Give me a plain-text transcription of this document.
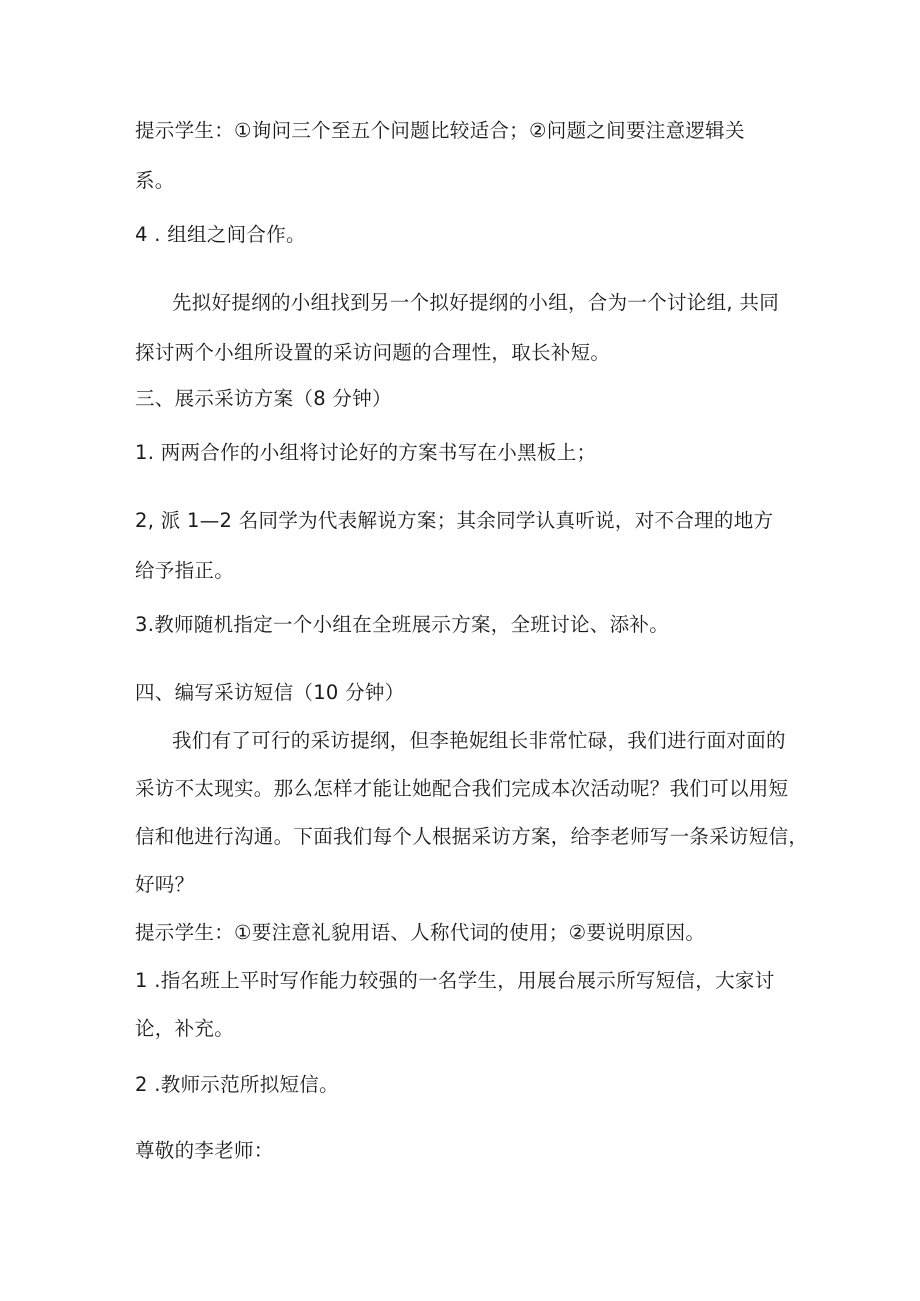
提示学生：①询问三个至五个问题比较适合；②问题之间要注意逻辑关
系。
4 . 组组之间合作。
先拟好提纲的小组找到另一个拟好提纲的小组，合为一个讨论组, 共同
探讨两个小组所设置的采访问题的合理性，取长补短。
三、展示采访方案（8 分钟）
1. 两两合作的小组将讨论好的方案书写在小黑板上；
2, 派 1—2 名同学为代表解说方案；其余同学认真听说，对不合理的地方
给予指正。
3.教师随机指定一个小组在全班展示方案，全班讨论、添补。
四、编写采访短信（10 分钟）
我们有了可行的采访提纲，但李艳妮组长非常忙碌，我们进行面对面的
采访不太现实。那么怎样才能让她配合我们完成本次活动呢？我们可以用短
信和他进行沟通。下面我们每个人根据采访方案，给李老师写一条采访短信，
好吗？
提示学生：①要注意礼貌用语、人称代词的使用；②要说明原因。
1 .指名班上平时写作能力较强的一名学生，用展台展示所写短信，大家讨
论，补充。
2 .教师示范所拟短信。
尊敬的李老师：
